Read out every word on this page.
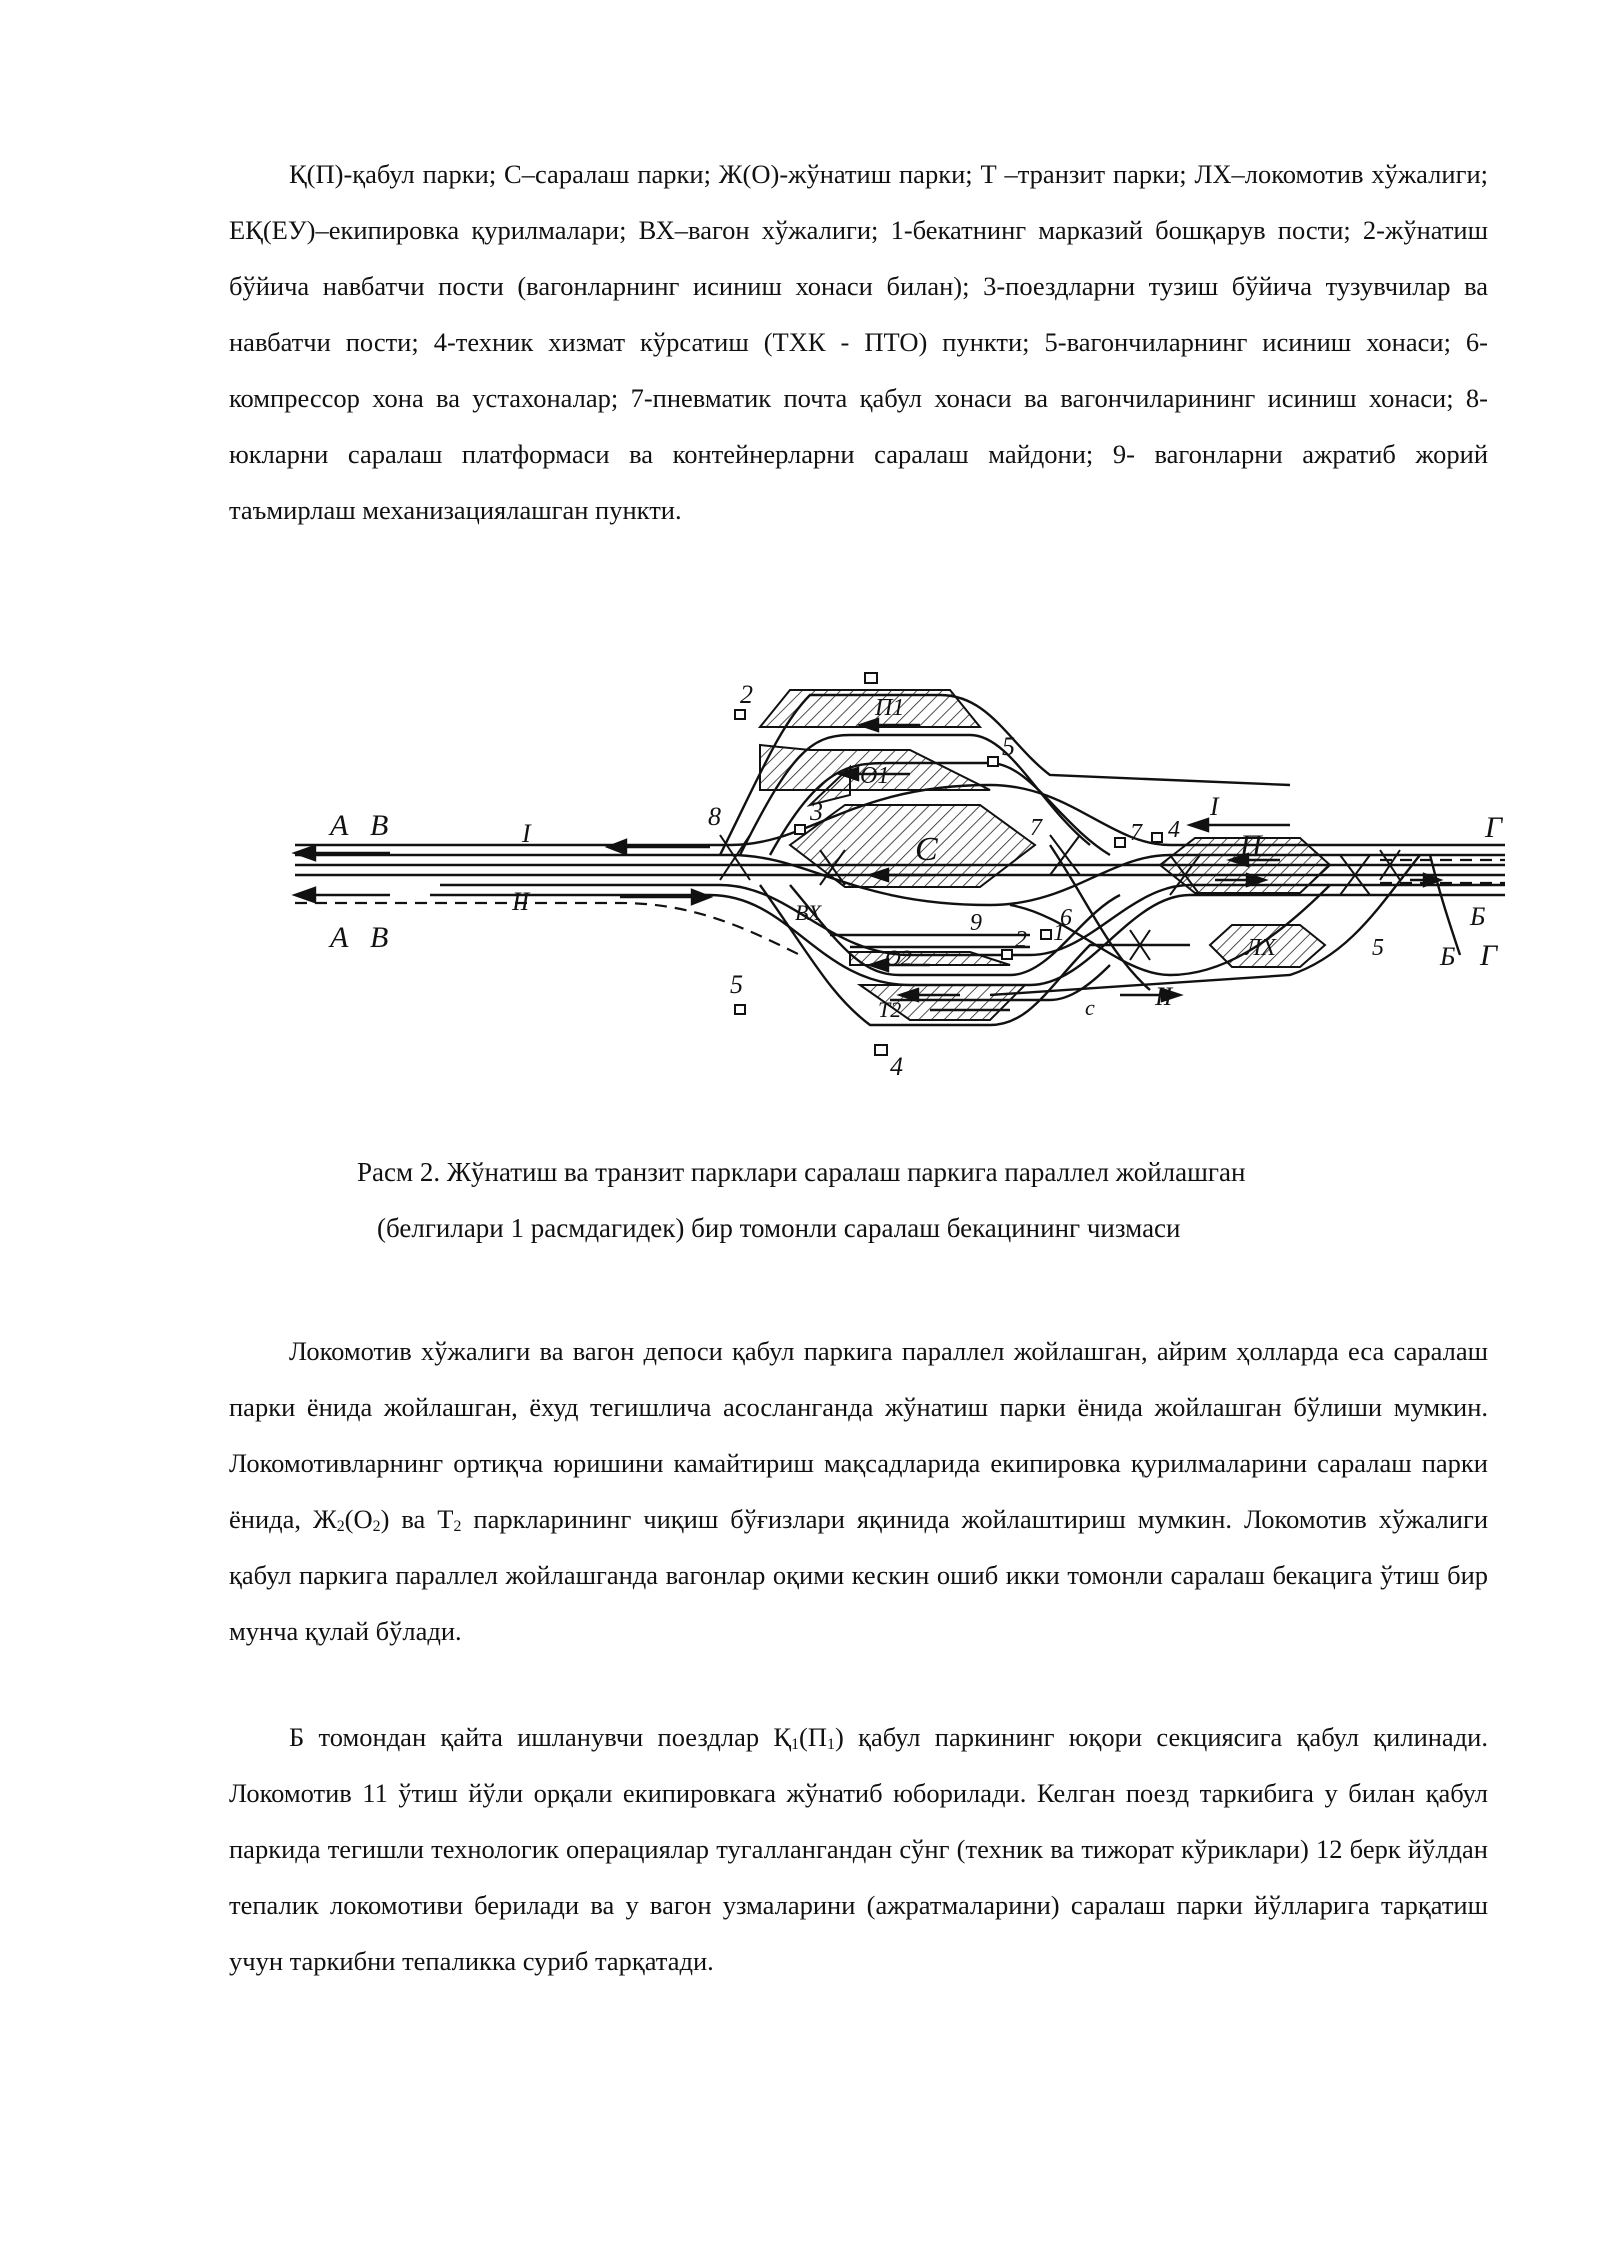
Қ(П)-қабул парки; С–саралаш парки; Ж(О)-жўнатиш парки; Т –транзит парки; ЛХ–локомотив хўжалиги; ЕҚ(ЕУ)–екипировка қурилмалари; ВХ–вагон хўжалиги; 1-бекатнинг марказий бошқарув пости; 2-жўнатиш бўйича навбатчи пости (вагонларнинг исиниш хонаси билан); 3-поездларни тузиш бўйича тузувчилар ва навбатчи пости; 4-техник хизмат кўрсатиш (ТХК - ПТО) пункти; 5-вагончиларнинг исиниш хонаси; 6-компрессор хона ва устахоналар; 7-пневматик почта қабул хонаси ва вагончиларининг исиниш хонаси; 8-юкларни саралаш платформаси ва контейнерларни саралаш майдони; 9- вагонларни ажратиб жорий таъмирлаш механизациялашган пункти.

А В
А В
I
II
I
II
Г
Б
Б Г
П1
О1
С	П
ЛХ
ВХ
О2
Т2
2
3
8
5
7	7 4
9	6
2 1
5
4
5
с

Расм 2. Жўнатиш ва транзит парклари саралаш паркига параллел жойлашган

(белгилари 1 расмдагидек) бир томонли саралаш бекацининг чизмаси

Локомотив хўжалиги ва вагон депоси қабул паркига параллел жойлашган, айрим ҳолларда еса саралаш парки ёнида жойлашган, ёхуд тегишлича асосланганда жўнатиш парки ёнида жойлашган бўлиши мумкин. Локомотивларнинг ортиқча юришини камайтириш мақсадларида екипировка қурилмаларини саралаш парки ёнида, $Ж_2(О_2)$ ва $Т_2$ паркларининг чиқиш бўғизлари яқинида жойлаштириш мумкин. Локомотив хўжалиги қабул паркига параллел жойлашганда вагонлар оқими кескин ошиб икки томонли саралаш бекацига ўтиш бир мунча қулай бўлади.

Б томондан қайта ишланувчи поездлар $Қ_1(П_1)$ қабул паркининг юқори секциясига қабул қилинади. Локомотив 11 ўтиш йўли орқали екипировкага жўнатиб юборилади. Келган поезд таркибига у билан қабул паркида тегишли технологик операциялар тугаллангандан сўнг (техник ва тижорат кўриклари) 12 берк йўлдан тепалик локомотиви берилади ва у вагон узмаларини (ажратмаларини) саралаш парки йўлларига тарқатиш учун таркибни тепаликка суриб тарқатади.
